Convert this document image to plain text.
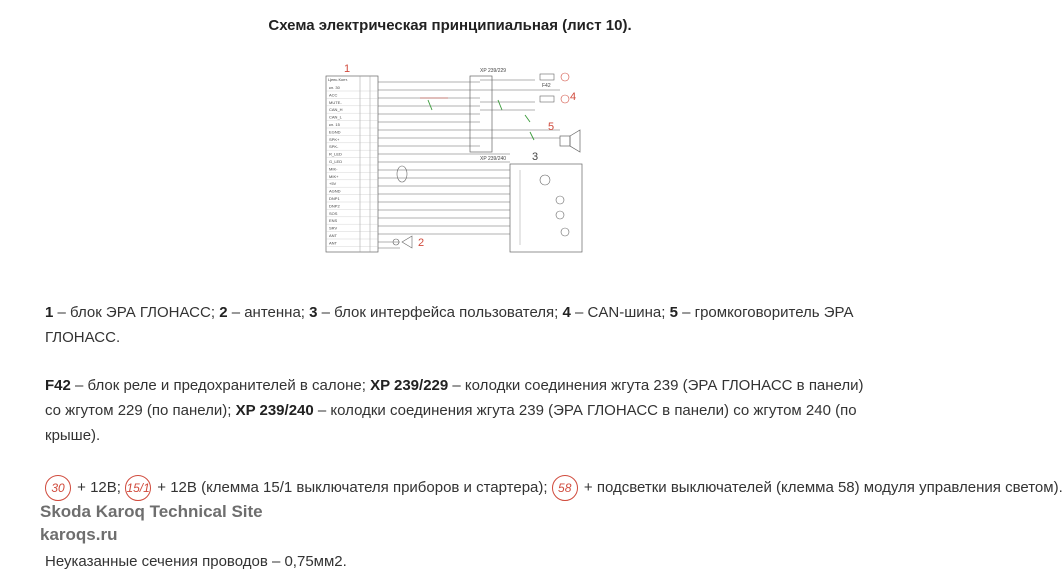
Схема электрическая принципиальная (лист 10).
Цепь Конт.
кл. 30
ACC
MUTE-
CAN_H
CAN_L
кл. 15
EGND
SPK+
SPK-
R_LED
G_LED
MIK-
MIK+
+5V
AGND
DNP1
DNP2
SOS
ENS
SRV
ANT
ANT
1	XP 239/229
XP 239/240
F42
4
5
3
2
1 – блок ЭРА ГЛОНАСС; 2 – антенна; 3 – блок интерфейса пользователя; 4 – CAN-шина; 5 – громкоговоритель ЭРА ГЛОНАСС.
F42 – блок реле и предохранителей в салоне; XP 239/229 – колодки соединения жгута 239 (ЭРА ГЛОНАСС в панели) со жгутом 229 (по панели); XP 239/240 – колодки соединения жгута 239 (ЭРА ГЛОНАСС в панели) со жгутом 240 (по крыше).
30 + 12В; 15/1 + 12В (клемма 15/1 выключателя приборов и стартера); 58 + подсветки выключателей (клемма 58) модуля управления светом).
Skoda Karoq Technical Site
karoqs.ru
Неуказанные сечения проводов – 0,75мм2.
